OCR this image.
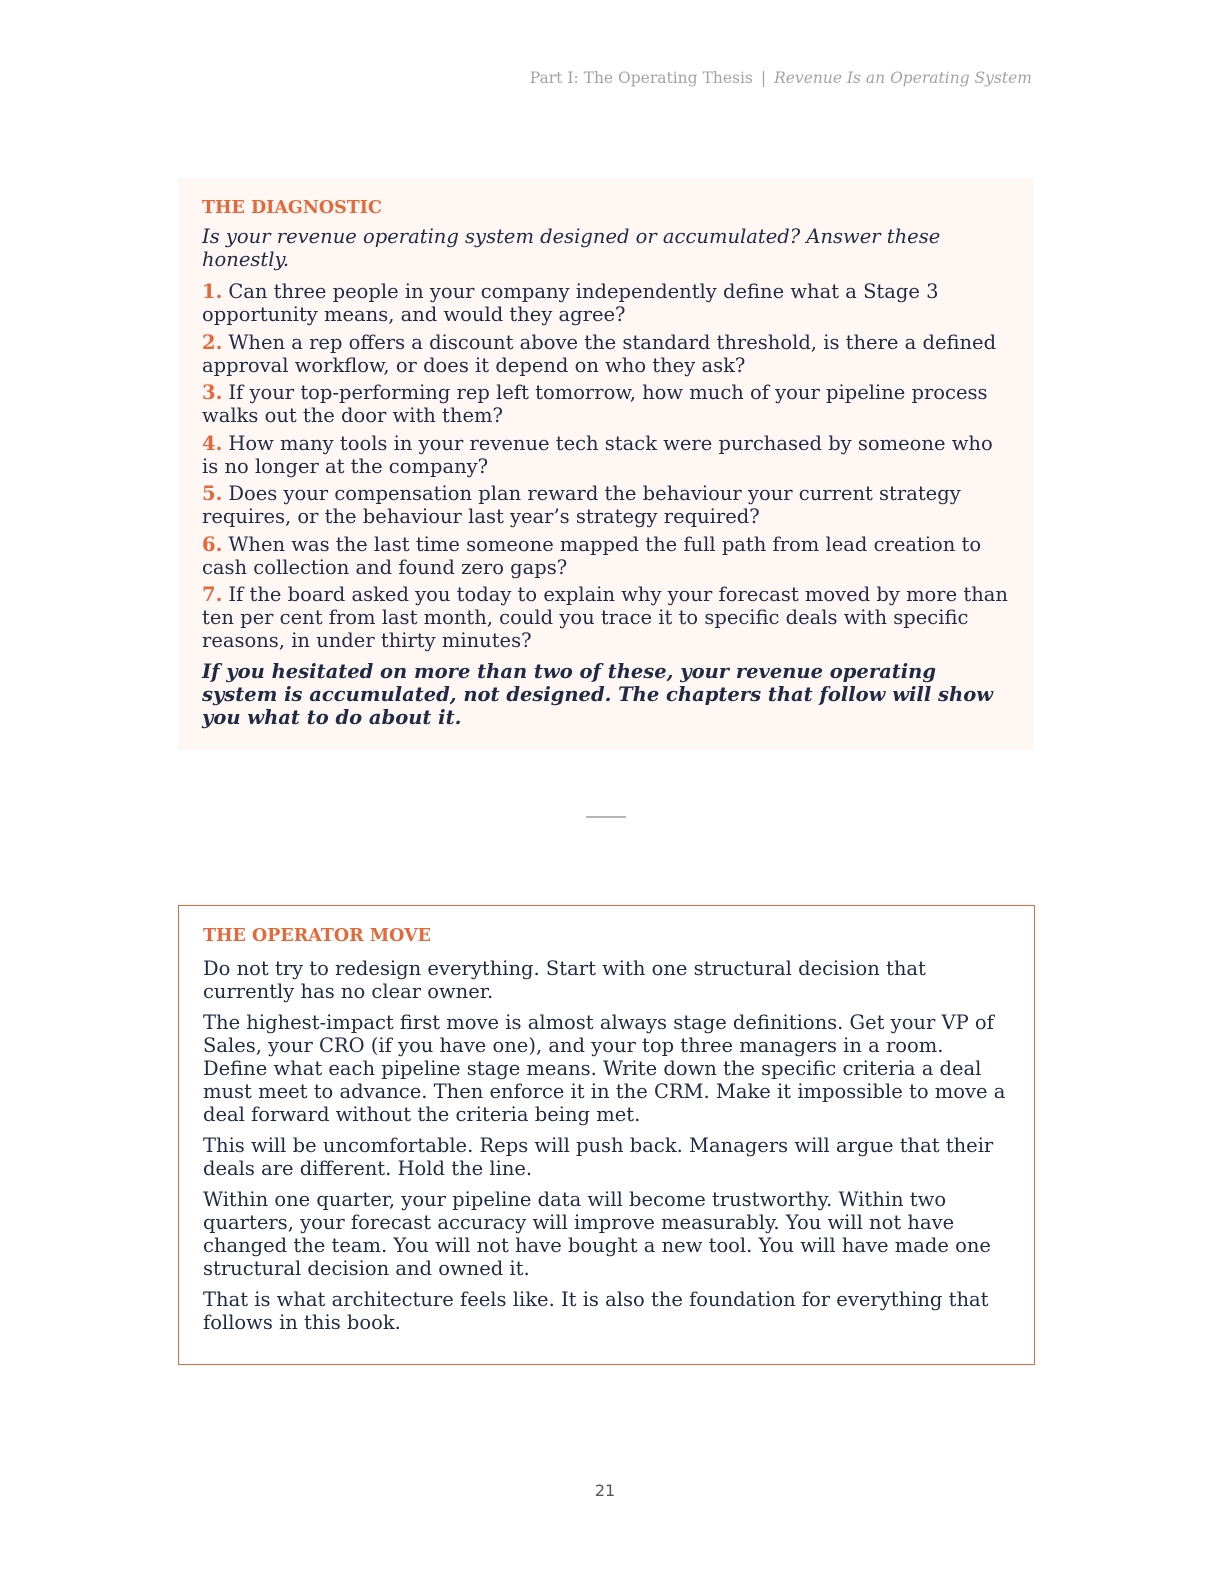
Part I: The Operating Thesis | Revenue Is an Operating System
THE DIAGNOSTIC
Is your revenue operating system designed or accumulated? Answer these honestly.
1. Can three people in your company independently define what a Stage 3 opportunity means, and would they agree?
2. When a rep offers a discount above the standard threshold, is there a defined approval workflow, or does it depend on who they ask?
3. If your top-performing rep left tomorrow, how much of your pipeline process walks out the door with them?
4. How many tools in your revenue tech stack were purchased by someone who is no longer at the company?
5. Does your compensation plan reward the behaviour your current strategy requires, or the behaviour last year’s strategy required?
6. When was the last time someone mapped the full path from lead creation to cash collection and found zero gaps?
7. If the board asked you today to explain why your forecast moved by more than ten per cent from last month, could you trace it to specific deals with specific reasons, in under thirty minutes?
If you hesitated on more than two of these, your revenue operating system is accumulated, not designed. The chapters that follow will show you what to do about it.
THE OPERATOR MOVE

Do not try to redesign everything. Start with one structural decision that currently has no clear owner.

The highest-impact first move is almost always stage definitions. Get your VP of Sales, your CRO (if you have one), and your top three managers in a room. Define what each pipeline stage means. Write down the specific criteria a deal must meet to advance. Then enforce it in the CRM. Make it impossible to move a deal forward without the criteria being met.

This will be uncomfortable. Reps will push back. Managers will argue that their deals are different. Hold the line.

Within one quarter, your pipeline data will become trustworthy. Within two quarters, your forecast accuracy will improve measurably. You will not have changed the team. You will not have bought a new tool. You will have made one structural decision and owned it.

That is what architecture feels like. It is also the foundation for everything that follows in this book.

21
